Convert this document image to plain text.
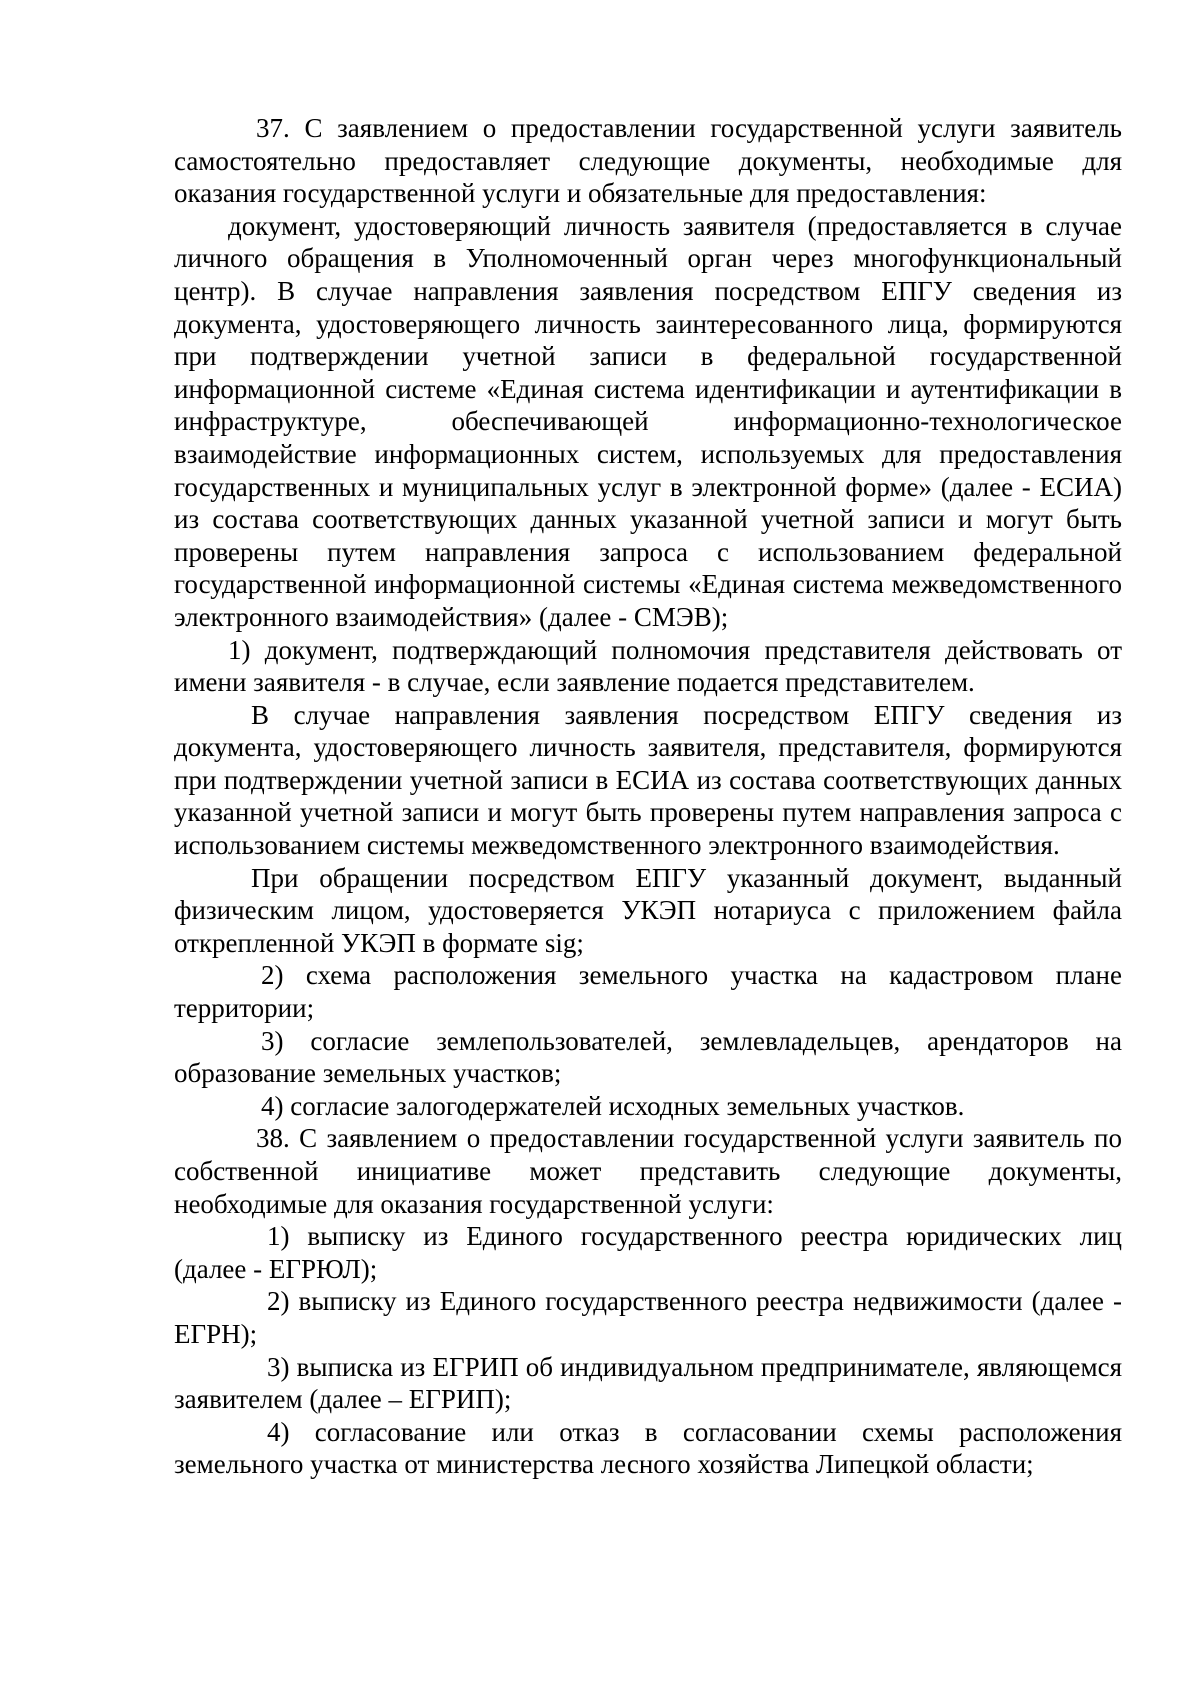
37. С заявлением о предоставлении государственной услуги заявитель самостоятельно предоставляет следующие документы, необходимые для оказания государственной услуги и обязательные для предоставления:

документ, удостоверяющий личность заявителя (предоставляется в случае личного обращения в Уполномоченный орган через многофункциональный центр). В случае направления заявления посредством ЕПГУ сведения из документа, удостоверяющего личность заинтересованного лица, формируются при подтверждении учетной записи в федеральной государственной информационной системе «Единая система идентификации и аутентификации в инфраструктуре, обеспечивающей информационно-технологическое взаимодействие информационных систем, используемых для предоставления государственных и муниципальных услуг в электронной форме» (далее - ЕСИА) из состава соответствующих данных указанной учетной записи и могут быть проверены путем направления запроса с использованием федеральной государственной информационной системы «Единая система межведомственного электронного взаимодействия» (далее - СМЭВ);

1) документ, подтверждающий полномочия представителя действовать от имени заявителя - в случае, если заявление подается представителем.

В случае направления заявления посредством ЕПГУ сведения из документа, удостоверяющего личность заявителя, представителя, формируются при подтверждении учетной записи в ЕСИА из состава соответствующих данных указанной учетной записи и могут быть проверены путем направления запроса с использованием системы межведомственного электронного взаимодействия.

При обращении посредством ЕПГУ указанный документ, выданный физическим лицом, удостоверяется УКЭП нотариуса с приложением файла открепленной УКЭП в формате sig;

2) схема расположения земельного участка на кадастровом плане территории;

3) согласие землепользователей, землевладельцев, арендаторов на образование земельных участков;

4) согласие залогодержателей исходных земельных участков.

38. С заявлением о предоставлении государственной услуги заявитель по собственной инициативе может представить следующие документы, необходимые для оказания государственной услуги:

1) выписку из Единого государственного реестра юридических лиц (далее - ЕГРЮЛ);

2) выписку из Единого государственного реестра недвижимости (далее - ЕГРН);

3) выписка из ЕГРИП об индивидуальном предпринимателе, являющемся заявителем (далее – ЕГРИП);

4) согласование или отказ в согласовании схемы расположения земельного участка от министерства лесного хозяйства Липецкой области;
